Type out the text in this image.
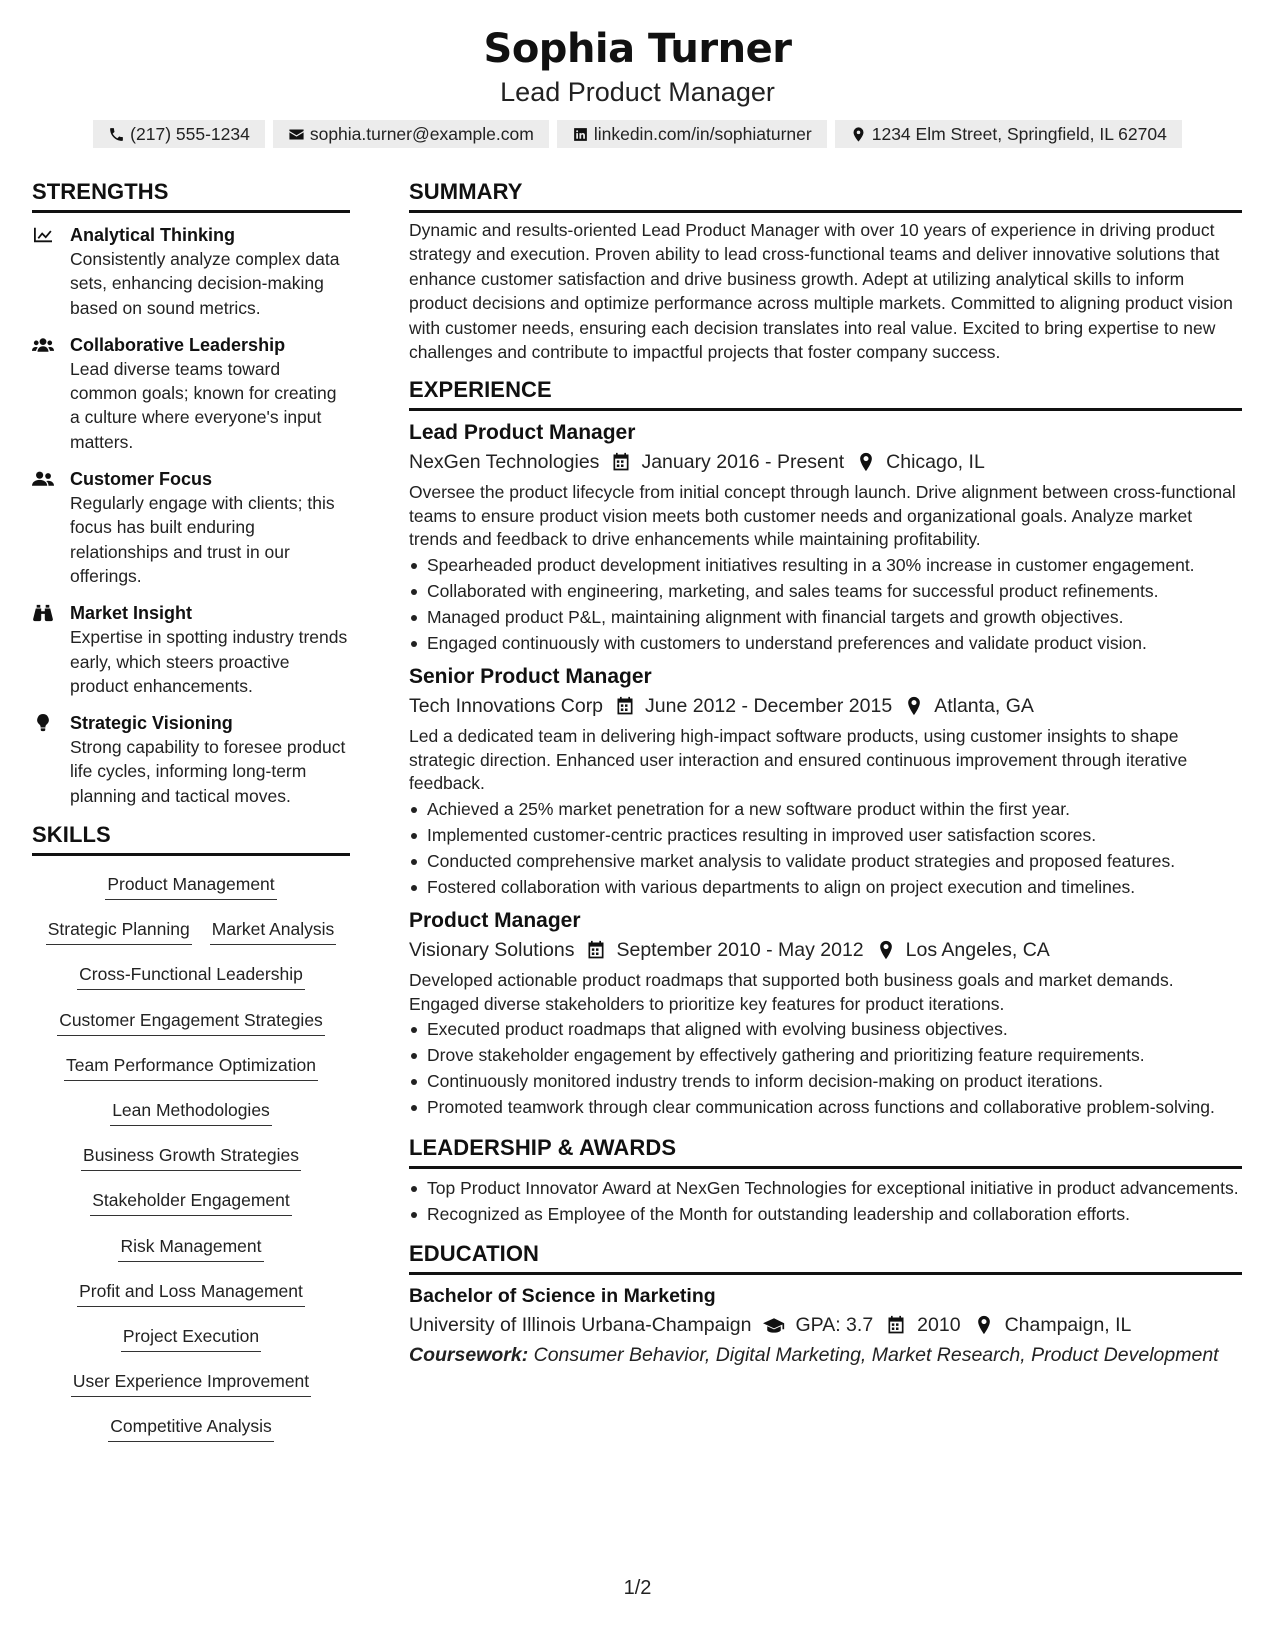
Sophia Turner
Lead Product Manager
(217) 555-1234	sophia.turner@example.com	linkedin.com/in/sophiaturner	1234 Elm Street, Springfield, IL 62704
STRENGTHS
Analytical Thinking
Consistently analyze complex data sets, enhancing decision-making based on sound metrics.
Collaborative Leadership
Lead diverse teams toward common goals; known for creating a culture where everyone's input matters.
Customer Focus
Regularly engage with clients; this focus has built enduring relationships and trust in our offerings.
Market Insight
Expertise in spotting industry trends early, which steers proactive product enhancements.
Strategic Visioning
Strong capability to foresee product life cycles, informing long-term planning and tactical moves.
SKILLS
Product Management
Strategic Planning Market Analysis
Cross-Functional Leadership
Customer Engagement Strategies
Team Performance Optimization
Lean Methodologies
Business Growth Strategies
Stakeholder Engagement
Risk Management
Profit and Loss Management
Project Execution
User Experience Improvement
Competitive Analysis
SUMMARY
Dynamic and results-oriented Lead Product Manager with over 10 years of experience in driving product strategy and execution. Proven ability to lead cross-functional teams and deliver innovative solutions that enhance customer satisfaction and drive business growth. Adept at utilizing analytical skills to inform product decisions and optimize performance across multiple markets. Committed to aligning product vision with customer needs, ensuring each decision translates into real value. Excited to bring expertise to new challenges and contribute to impactful projects that foster company success.
EXPERIENCE
Lead Product Manager
NexGen Technologies January 2016 - Present Chicago, IL
Oversee the product lifecycle from initial concept through launch. Drive alignment between cross-functional teams to ensure product vision meets both customer needs and organizational goals. Analyze market trends and feedback to drive enhancements while maintaining profitability.
Spearheaded product development initiatives resulting in a 30% increase in customer engagement.
Collaborated with engineering, marketing, and sales teams for successful product refinements.
Managed product P&L, maintaining alignment with financial targets and growth objectives.
Engaged continuously with customers to understand preferences and validate product vision.
Senior Product Manager
Tech Innovations Corp June 2012 - December 2015 Atlanta, GA
Led a dedicated team in delivering high-impact software products, using customer insights to shape strategic direction. Enhanced user interaction and ensured continuous improvement through iterative feedback.
Achieved a 25% market penetration for a new software product within the first year.
Implemented customer-centric practices resulting in improved user satisfaction scores.
Conducted comprehensive market analysis to validate product strategies and proposed features.
Fostered collaboration with various departments to align on project execution and timelines.
Product Manager
Visionary Solutions September 2010 - May 2012 Los Angeles, CA
Developed actionable product roadmaps that supported both business goals and market demands. Engaged diverse stakeholders to prioritize key features for product iterations.
Executed product roadmaps that aligned with evolving business objectives.
Drove stakeholder engagement by effectively gathering and prioritizing feature requirements.
Continuously monitored industry trends to inform decision-making on product iterations.
Promoted teamwork through clear communication across functions and collaborative problem-solving.
LEADERSHIP & AWARDS
Top Product Innovator Award at NexGen Technologies for exceptional initiative in product advancements.
Recognized as Employee of the Month for outstanding leadership and collaboration efforts.
EDUCATION
Bachelor of Science in Marketing
University of Illinois Urbana-Champaign GPA: 3.7 2010 Champaign, IL
Coursework: Consumer Behavior, Digital Marketing, Market Research, Product Development
1/2
